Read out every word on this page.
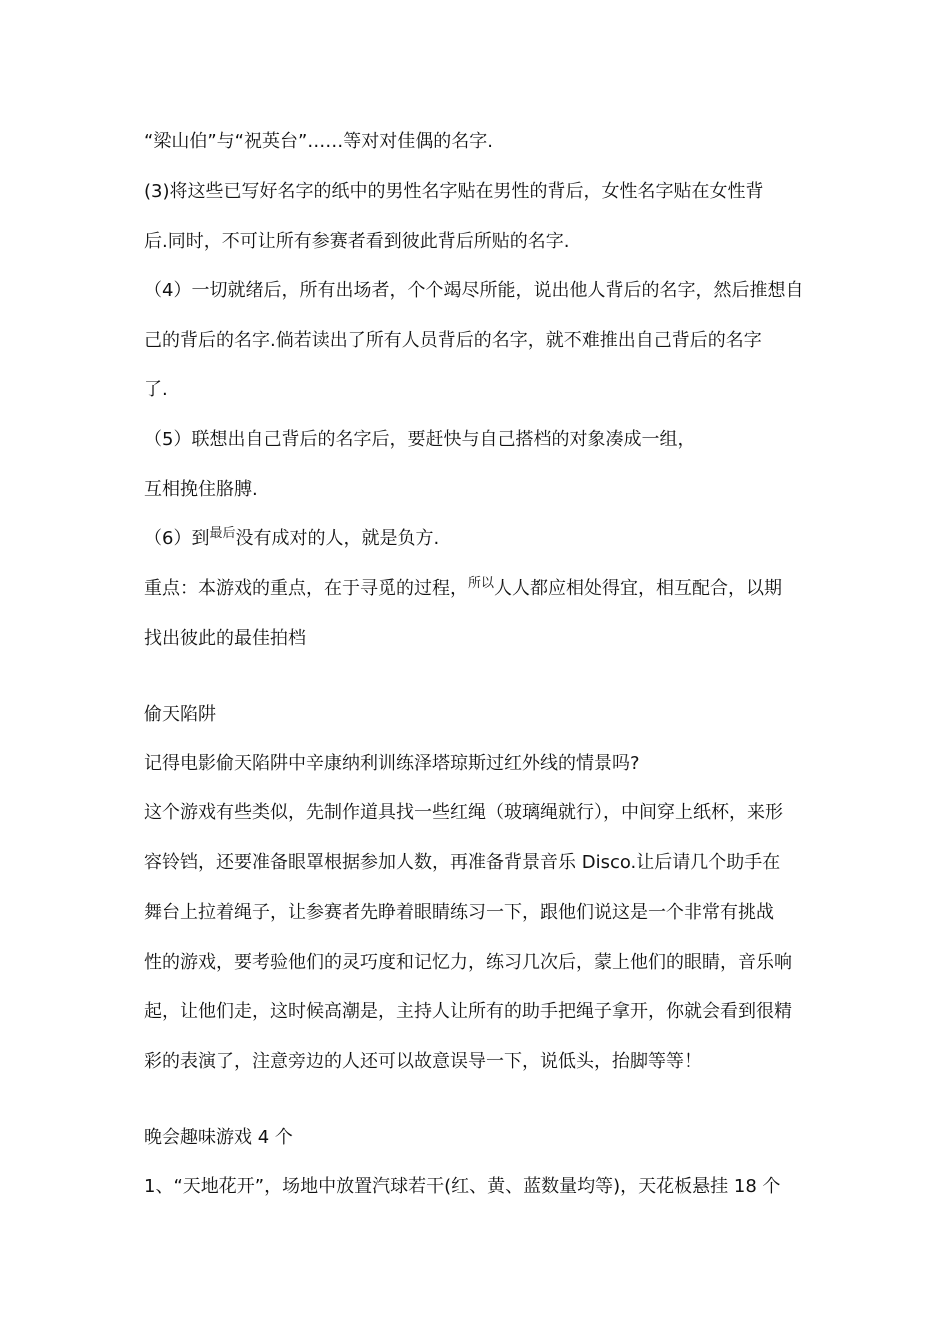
“梁山伯”与“祝英台”……等对对佳偶的名字.
(3)将这些已写好名字的纸中的男性名字贴在男性的背后，女性名字贴在女性背
后.同时，不可让所有参赛者看到彼此背后所贴的名字.
（4）一切就绪后，所有出场者，个个竭尽所能，说出他人背后的名字，然后推想自
己的背后的名字.倘若读出了所有人员背后的名字，就不难推出自己背后的名字
了.
（5）联想出自己背后的名字后，要赶快与自己搭档的对象凑成一组，
互相挽住胳膊.
（6）到$^{最后}$没有成对的人，就是负方.
重点：本游戏的重点，在于寻觅的过程，$^{所以}$人人都应相处得宜，相互配合，以期
找出彼此的最佳拍档
偷天陷阱
记得电影偷天陷阱中辛康纳利训练泽塔琼斯过红外线的情景吗?
这个游戏有些类似，先制作道具找一些红绳（玻璃绳就行），中间穿上纸杯，来形
容铃铛，还要准备眼罩根据参加人数，再准备背景音乐 Disco.让后请几个助手在
舞台上拉着绳子，让参赛者先睁着眼睛练习一下，跟他们说这是一个非常有挑战
性的游戏，要考验他们的灵巧度和记忆力，练习几次后，蒙上他们的眼睛，音乐响
起，让他们走，这时候高潮是，主持人让所有的助手把绳子拿开，你就会看到很精
彩的表演了，注意旁边的人还可以故意误导一下，说低头，抬脚等等！
晚会趣味游戏 4 个
1、“天地花开”，场地中放置汽球若干(红、黄、蓝数量均等)，天花板悬挂 18 个
